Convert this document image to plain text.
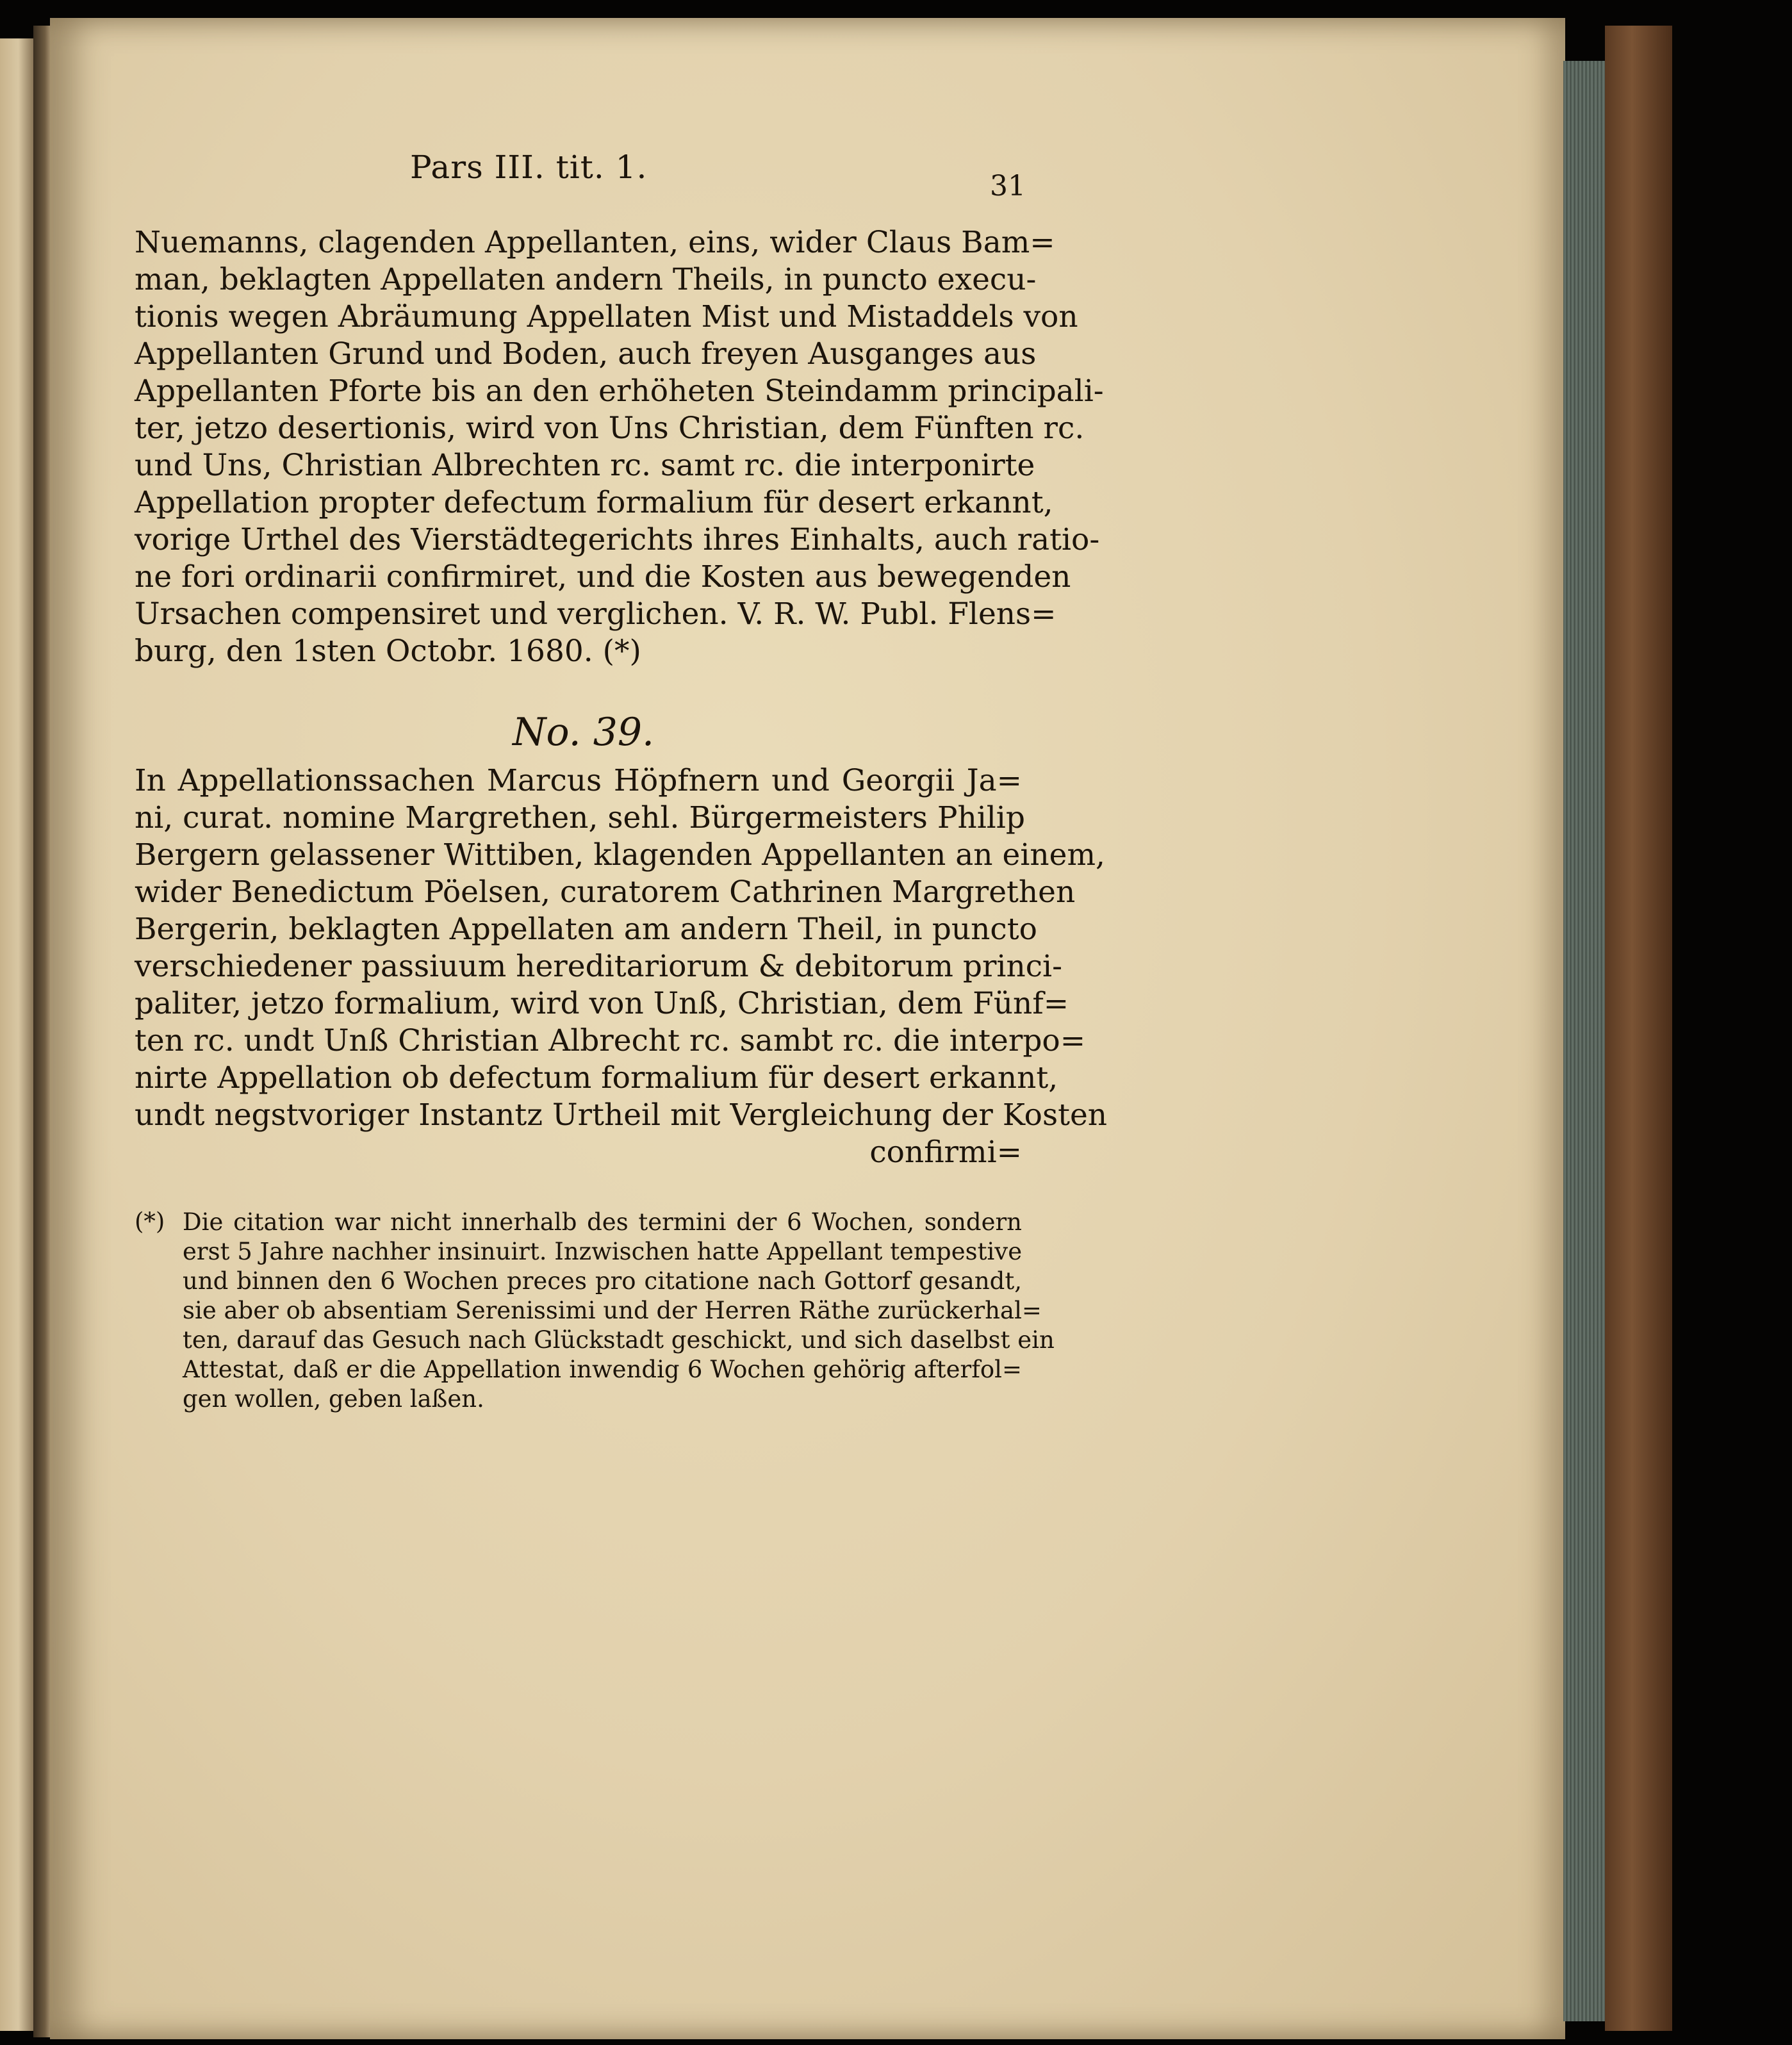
Pars III. tit. 1.
31
Nuemanns, clagenden Appellanten, eins, wider Claus Bam=
man, beklagten Appellaten andern Theils, in puncto execu-
tionis wegen Abräumung Appellaten Mist und Mistaddels von
Appellanten Grund und Boden, auch freyen Ausganges aus
Appellanten Pforte bis an den erhöheten Steindamm principali-
ter, jetzo desertionis, wird von Uns Christian, dem Fünften rc.
und Uns, Christian Albrechten rc. samt rc. die interponirte
Appellation propter defectum formalium für desert erkannt,
vorige Urthel des Vierstädtegerichts ihres Einhalts, auch ratio-
ne fori ordinarii confirmiret, und die Kosten aus bewegenden
Ursachen compensiret und verglichen. V. R. W. Publ. Flens=
burg, den 1sten Octobr. 1680. (*)
No. 39.
In Appellationssachen Marcus Höpfnern und Georgii Ja=
ni, curat. nomine Margrethen, sehl. Bürgermeisters Philip
Bergern gelassener Wittiben, klagenden Appellanten an einem,
wider Benedictum Pöelsen, curatorem Cathrinen Margrethen
Bergerin, beklagten Appellaten am andern Theil, in puncto
verschiedener passiuum hereditariorum & debitorum princi-
paliter, jetzo formalium, wird von Unß, Christian, dem Fünf=
ten rc. undt Unß Christian Albrecht rc. sambt rc. die interpo=
nirte Appellation ob defectum formalium für desert erkannt,
undt negstvoriger Instantz Urtheil mit Vergleichung der Kosten
confirmi=
(*) Die citation war nicht innerhalb des termini der 6 Wochen, sondern
erst 5 Jahre nachher insinuirt. Inzwischen hatte Appellant tempestive
und binnen den 6 Wochen preces pro citatione nach Gottorf gesandt,
sie aber ob absentiam Serenissimi und der Herren Räthe zurückerhal=
ten, darauf das Gesuch nach Glückstadt geschickt, und sich daselbst ein
Attestat, daß er die Appellation inwendig 6 Wochen gehörig afterfol=
gen wollen, geben laßen.
